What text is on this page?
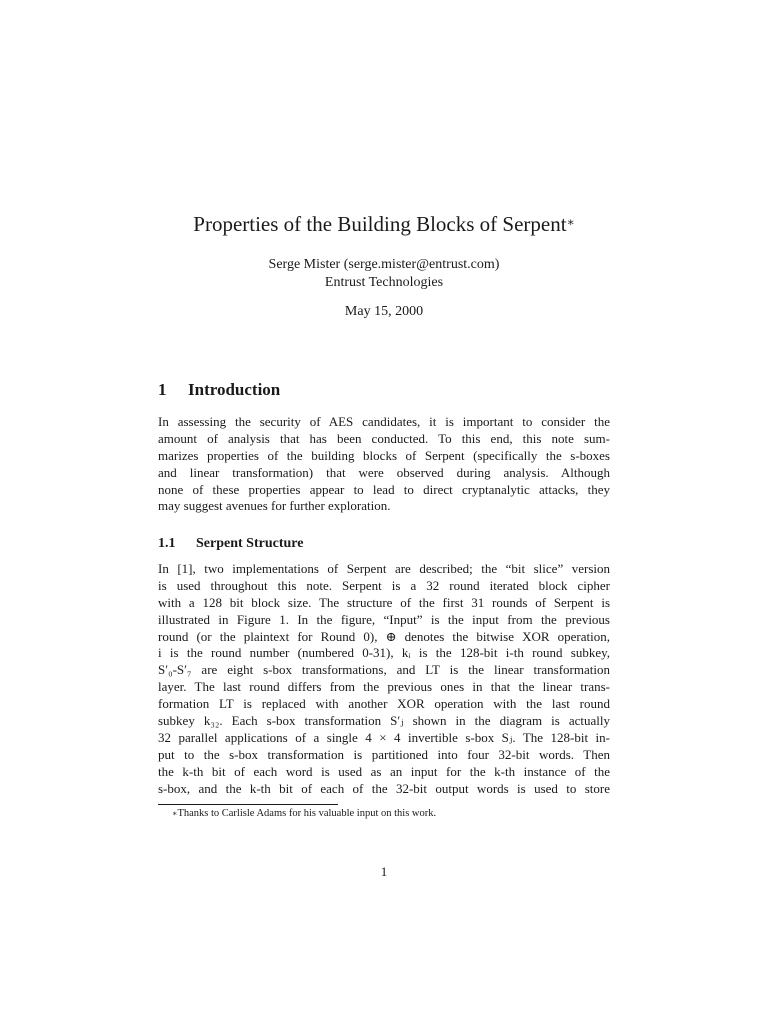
Properties of the Building Blocks of Serpent∗
Serge Mister (serge.mister@entrust.com)
Entrust Technologies
May 15, 2000
1 Introduction
In assessing the security of AES candidates, it is important to consider the
amount of analysis that has been conducted. To this end, this note sum-
marizes properties of the building blocks of Serpent (specifically the s-boxes
and linear transformation) that were observed during analysis. Although
none of these properties appear to lead to direct cryptanalytic attacks, they
may suggest avenues for further exploration.
1.1 Serpent Structure
In [1], two implementations of Serpent are described; the “bit slice” version
is used throughout this note. Serpent is a 32 round iterated block cipher
with a 128 bit block size. The structure of the first 31 rounds of Serpent is
illustrated in Figure 1. In the figure, “Input” is the input from the previous
round (or the plaintext for Round 0), ⊕ denotes the bitwise XOR operation,
i is the round number (numbered 0-31), kᵢ is the 128-bit i-th round subkey,
S′₀-S′₇ are eight s-box transformations, and LT is the linear transformation
layer. The last round differs from the previous ones in that the linear trans-
formation LT is replaced with another XOR operation with the last round
subkey k₃₂. Each s-box transformation S′ⱼ shown in the diagram is actually
32 parallel applications of a single 4 × 4 invertible s-box Sⱼ. The 128-bit in-
put to the s-box transformation is partitioned into four 32-bit words. Then
the k-th bit of each word is used as an input for the k-th instance of the
s-box, and the k-th bit of each of the 32-bit output words is used to store
∗Thanks to Carlisle Adams for his valuable input on this work.
1
